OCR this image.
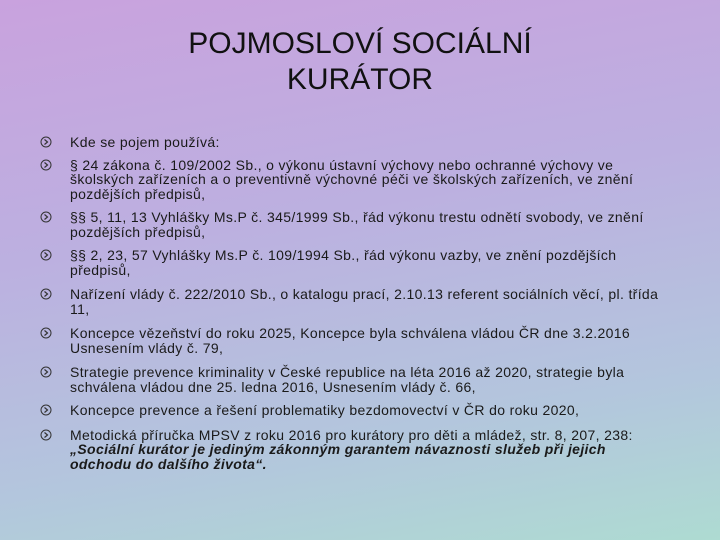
POJMOSLOVÍ SOCIÁLNÍ
KURÁTOR
Kde se pojem používá:
§ 24 zákona č. 109/2002 Sb., o výkonu ústavní výchovy nebo ochranné výchovy ve školských zařízeních a o preventivně výchovné péči ve školských zařízeních, ve znění pozdějších předpisů,
§§ 5, 11, 13 Vyhlášky Ms.P č. 345/1999 Sb., řád výkonu trestu odnětí svobody, ve znění pozdějších předpisů,
§§ 2, 23, 57 Vyhlášky Ms.P č. 109/1994 Sb., řád výkonu vazby, ve znění pozdějších předpisů,
Nařízení vlády č. 222/2010 Sb., o katalogu prací, 2.10.13 referent sociálních věcí, pl. třída 11,
Koncepce vězeňství do roku 2025, Koncepce byla schválena vládou ČR dne 3.2.2016 Usnesením vlády č. 79,
Strategie prevence kriminality v České republice na léta 2016 až 2020, strategie byla schválena vládou dne 25. ledna 2016, Usnesením vlády č. 66,
Koncepce prevence a řešení problematiky bezdomovectví v ČR do roku 2020,
Metodická příručka MPSV z roku 2016 pro kurátory pro děti a mládež, str. 8, 207, 238: „Sociální kurátor je jediným zákonným garantem návaznosti služeb při jejich odchodu do dalšího života“.
